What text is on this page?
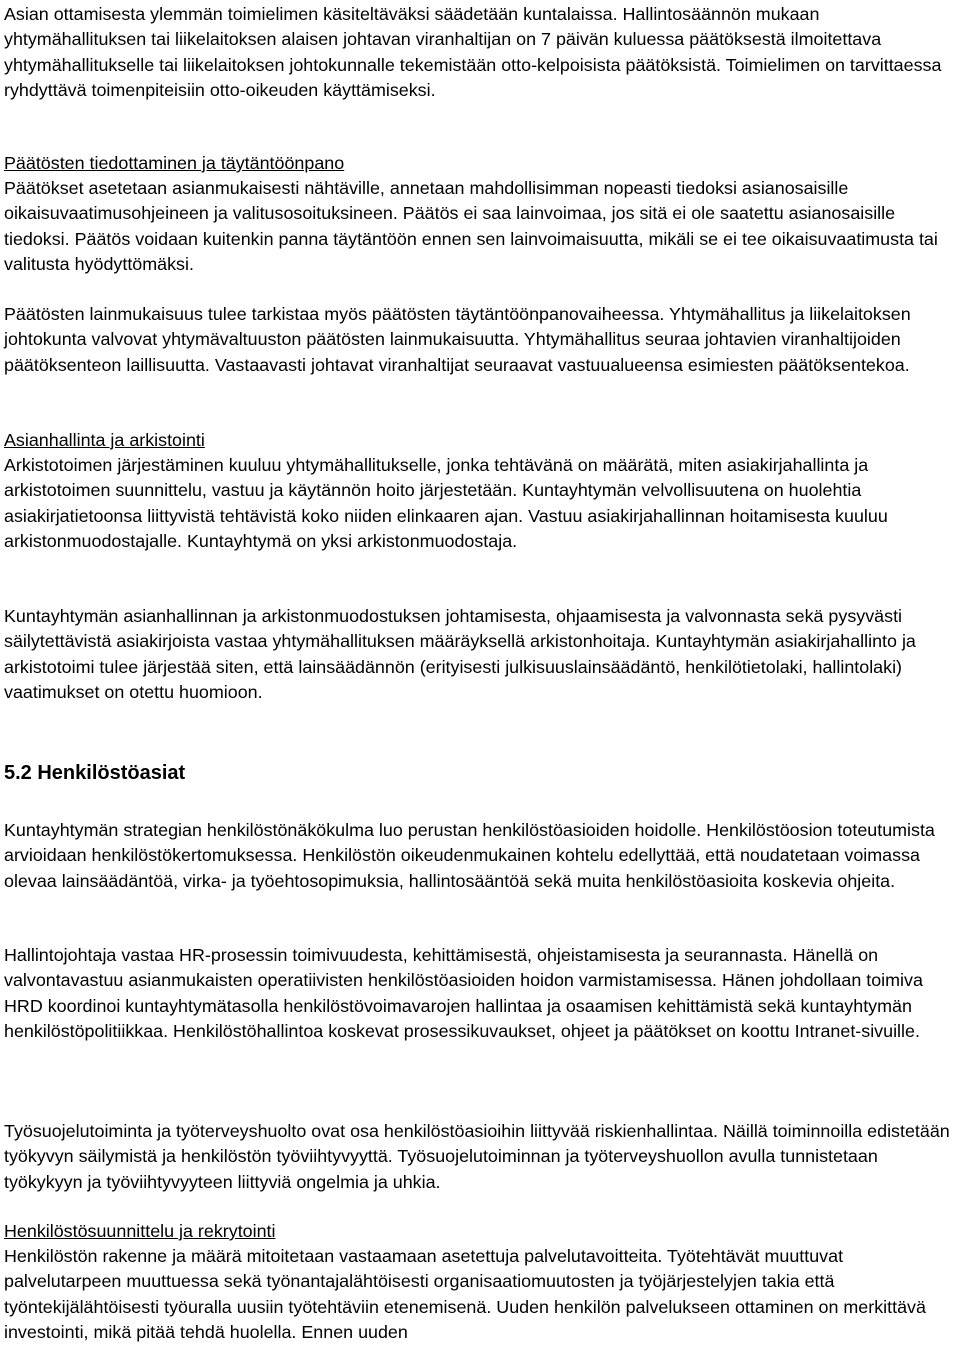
Asian ottamisesta ylemmän toimielimen käsiteltäväksi säädetään kuntalaissa. Hallintosäännön mukaan yhtymähallituksen tai liikelaitoksen alaisen johtavan viranhaltijan on 7 päivän kuluessa päätöksestä ilmoitettava yhtymähallitukselle tai liikelaitoksen johtokunnalle tekemistään otto-kelpoisista päätöksistä. Toimielimen on tarvittaessa ryhdyttävä toimenpiteisiin otto-oikeuden käyttämiseksi.

Päätösten tiedottaminen ja täytäntöönpano

Päätökset asetetaan asianmukaisesti nähtäville, annetaan mahdollisimman nopeasti tiedoksi asianosaisille oikaisuvaatimusohjeineen ja valitusosoituksineen. Päätös ei saa lainvoimaa, jos sitä ei ole saatettu asianosaisille tiedoksi. Päätös voidaan kuitenkin panna täytäntöön ennen sen lainvoimaisuutta, mikäli se ei tee oikaisuvaatimusta tai valitusta hyödyttömäksi.

Päätösten lainmukaisuus tulee tarkistaa myös päätösten täytäntöönpanovaiheessa. Yhtymähallitus ja liikelaitoksen johtokunta valvovat yhtymävaltuuston päätösten lainmukaisuutta. Yhtymähallitus seuraa johtavien viranhaltijoiden päätöksenteon laillisuutta. Vastaavasti johtavat viranhaltijat seuraavat vastuualueensa esimiesten päätöksentekoa.

Asianhallinta ja arkistointi

Arkistotoimen järjestäminen kuuluu yhtymähallitukselle, jonka tehtävänä on määrätä, miten asiakirjahallinta ja arkistotoimen suunnittelu, vastuu ja käytännön hoito järjestetään. Kuntayhtymän velvollisuutena on huolehtia asiakirjatietoonsa liittyvistä tehtävistä koko niiden elinkaaren ajan. Vastuu asiakirjahallinnan hoitamisesta kuuluu arkistonmuodostajalle. Kuntayhtymä on yksi arkistonmuodostaja.

Kuntayhtymän asianhallinnan ja arkistonmuodostuksen johtamisesta, ohjaamisesta ja valvonnasta sekä pysyvästi säilytettävistä asiakirjoista vastaa yhtymähallituksen määräyksellä arkistonhoitaja. Kuntayhtymän asiakirjahallinto ja arkistotoimi tulee järjestää siten, että lainsäädännön (erityisesti julkisuuslainsäädäntö, henkilötietolaki, hallintolaki) vaatimukset on otettu huomioon.

5.2 Henkilöstöasiat

Kuntayhtymän strategian henkilöstönäkökulma luo perustan henkilöstöasioiden hoidolle. Henkilöstöosion toteutumista arvioidaan henkilöstökertomuksessa. Henkilöstön oikeudenmukainen kohtelu edellyttää, että noudatetaan voimassa olevaa lainsäädäntöä, virka- ja työehtosopimuksia, hallintosääntöä sekä muita henkilöstöasioita koskevia ohjeita.

Hallintojohtaja vastaa HR-prosessin toimivuudesta, kehittämisestä, ohjeistamisesta ja seurannasta. Hänellä on valvontavastuu asianmukaisten operatiivisten henkilöstöasioiden hoidon varmistamisessa. Hänen johdollaan toimiva HRD koordinoi kuntayhtymätasolla henkilöstövoimavarojen hallintaa ja osaamisen kehittämistä sekä kuntayhtymän henkilöstöpolitiikkaa. Henkilöstöhallintoa koskevat prosessikuvaukset, ohjeet ja päätökset on koottu Intranet-sivuille.

Työsuojelutoiminta ja työterveyshuolto ovat osa henkilöstöasioihin liittyvää riskienhallintaa. Näillä toiminnoilla edistetään työkyvyn säilymistä ja henkilöstön työviihtyvyyttä. Työsuojelutoiminnan ja työterveyshuollon avulla tunnistetaan työkykyyn ja työviihtyvyyteen liittyviä ongelmia ja uhkia.

Henkilöstösuunnittelu ja rekrytointi

Henkilöstön rakenne ja määrä mitoitetaan vastaamaan asetettuja palvelutavoitteita. Työtehtävät muuttuvat palvelutarpeen muuttuessa sekä työnantajalähtöisesti organisaatiomuutosten ja työjärjestelyjen takia että työntekijälähtöisesti työuralla uusiin työtehtäviin etenemisenä. Uuden henkilön palvelukseen ottaminen on merkittävä investointi, mikä pitää tehdä huolella. Ennen uuden
